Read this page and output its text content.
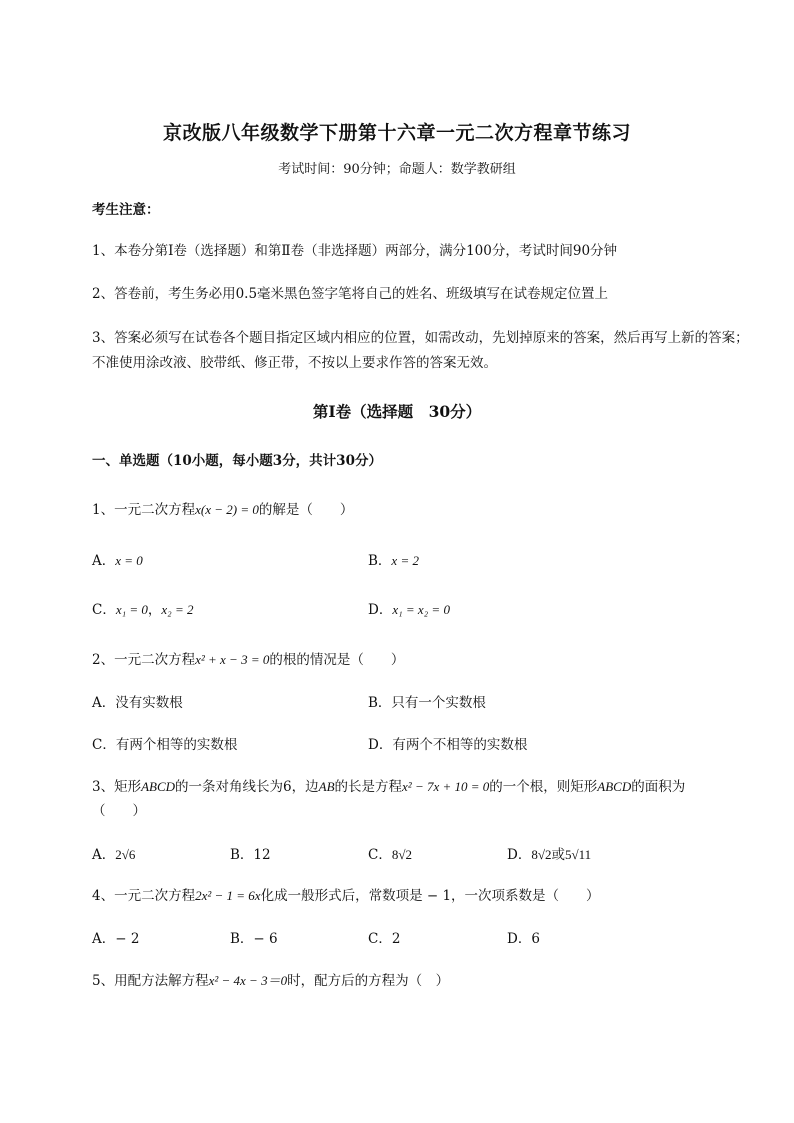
京改版八年级数学下册第十六章一元二次方程章节练习
考试时间：90分钟；命题人：数学教研组
考生注意：
1、本卷分第Ⅰ卷（选择题）和第Ⅱ卷（非选择题）两部分，满分100分，考试时间90分钟
2、答卷前，考生务必用0.5毫米黑色签字笔将自己的姓名、班级填写在试卷规定位置上
3、答案必须写在试卷各个题目指定区域内相应的位置，如需改动，先划掉原来的答案，然后再写上新的答案；不准使用涂改液、胶带纸、修正带，不按以上要求作答的答案无效。
第Ⅰ卷（选择题　30分）
一、单选题（10小题，每小题3分，共计30分）
1、一元二次方程x(x − 2) = 0的解是（　　）
A．x = 0	B．x = 2
C．x₁ = 0，x₂ = 2	D．x₁ = x₂ = 0
2、一元二次方程x² + x − 3 = 0的根的情况是（　　）
A．没有实数根	B．只有一个实数根
C．有两个相等的实数根	D．有两个不相等的实数根
3、矩形ABCD的一条对角线长为6，边AB的长是方程x² − 7x + 10 = 0的一个根，则矩形ABCD的面积为
（　　）
A．2√6	B．12	C．8√2	D．8√2或5√11
4、一元二次方程2x² − 1 = 6x化成一般形式后，常数项是 − 1，一次项系数是（　　）
A．− 2	B．− 6	C．2	D．6
5、用配方法解方程x² − 4x − 3＝0时，配方后的方程为（　）
